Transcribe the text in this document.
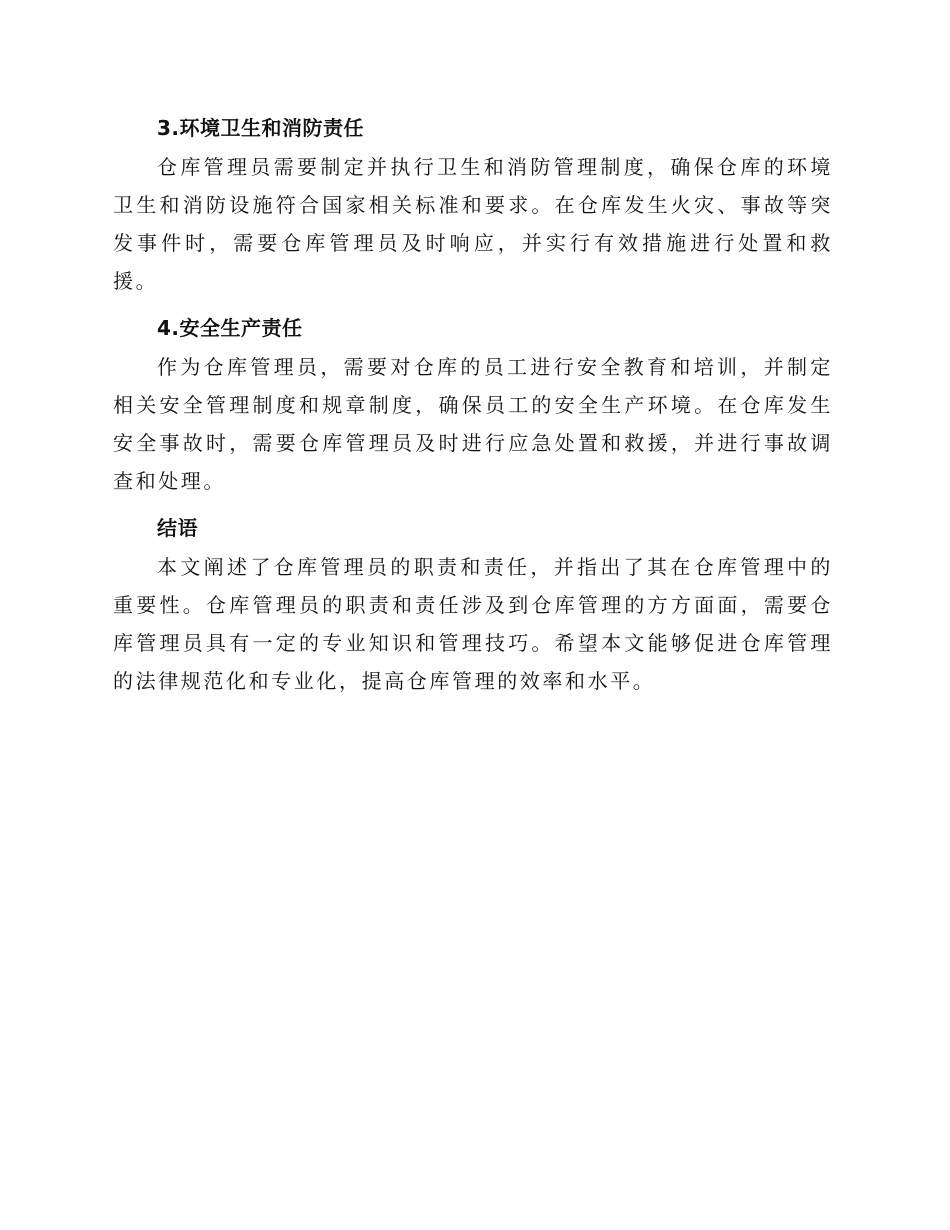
3.环境卫生和消防责任

仓库管理员需要制定并执行卫生和消防管理制度，确保仓库的环境卫生和消防设施符合国家相关标准和要求。在仓库发生火灾、事故等突发事件时，需要仓库管理员及时响应，并实行有效措施进行处置和救援。

4.安全生产责任

作为仓库管理员，需要对仓库的员工进行安全教育和培训，并制定相关安全管理制度和规章制度，确保员工的安全生产环境。在仓库发生安全事故时，需要仓库管理员及时进行应急处置和救援，并进行事故调查和处理。

结语

本文阐述了仓库管理员的职责和责任，并指出了其在仓库管理中的重要性。仓库管理员的职责和责任涉及到仓库管理的方方面面，需要仓库管理员具有一定的专业知识和管理技巧。希望本文能够促进仓库管理的法律规范化和专业化，提高仓库管理的效率和水平。
